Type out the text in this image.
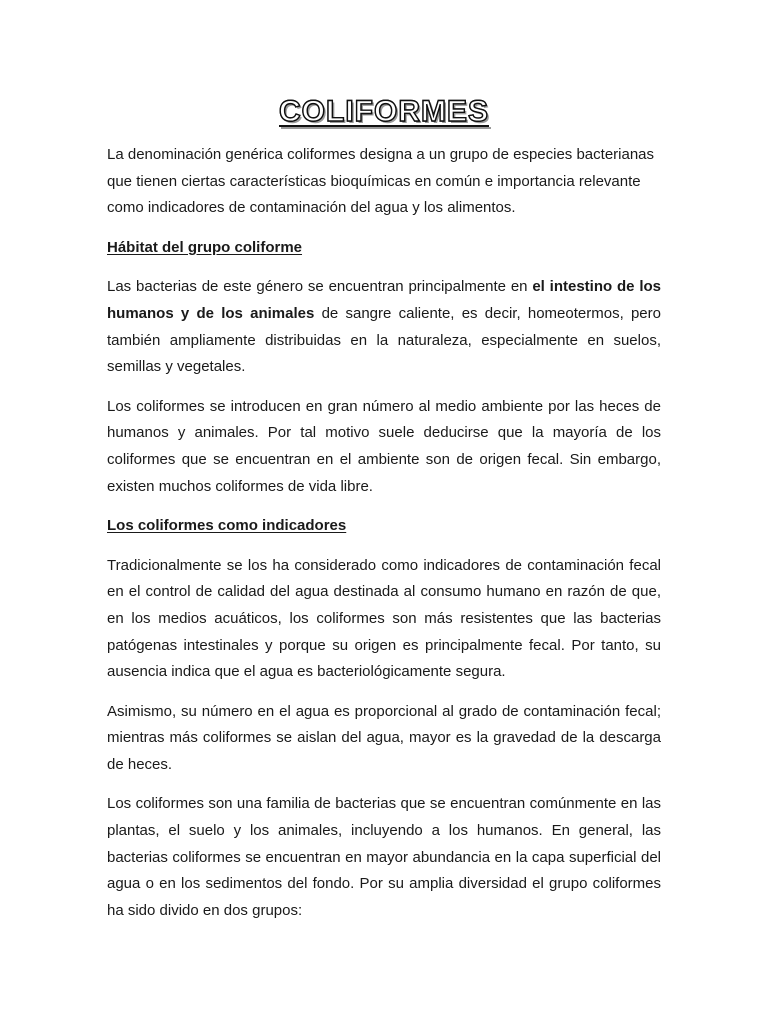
COLIFORMES

La denominación genérica coliformes designa a un grupo de especies bacterianas que tienen ciertas características bioquímicas en común e importancia relevante como indicadores de contaminación del agua y los alimentos.

Hábitat del grupo coliforme

Las bacterias de este género se encuentran principalmente en el intestino de los humanos y de los animales de sangre caliente, es decir, homeotermos, pero también ampliamente distribuidas en la naturaleza, especialmente en suelos, semillas y vegetales.

Los coliformes se introducen en gran número al medio ambiente por las heces de humanos y animales. Por tal motivo suele deducirse que la mayoría de los coliformes que se encuentran en el ambiente son de origen fecal. Sin embargo, existen muchos coliformes de vida libre.

Los coliformes como indicadores

Tradicionalmente se los ha considerado como indicadores de contaminación fecal en el control de calidad del agua destinada al consumo humano en razón de que, en los medios acuáticos, los coliformes son más resistentes que las bacterias patógenas intestinales y porque su origen es principalmente fecal. Por tanto, su ausencia indica que el agua es bacteriológicamente segura.

Asimismo, su número en el agua es proporcional al grado de contaminación fecal; mientras más coliformes se aislan del agua, mayor es la gravedad de la descarga de heces.

Los coliformes son una familia de bacterias que se encuentran comúnmente en las plantas, el suelo y los animales, incluyendo a los humanos. En general, las bacterias coliformes se encuentran en mayor abundancia en la capa superficial del agua o en los sedimentos del fondo. Por su amplia diversidad el grupo coliformes ha sido divido en dos grupos:
